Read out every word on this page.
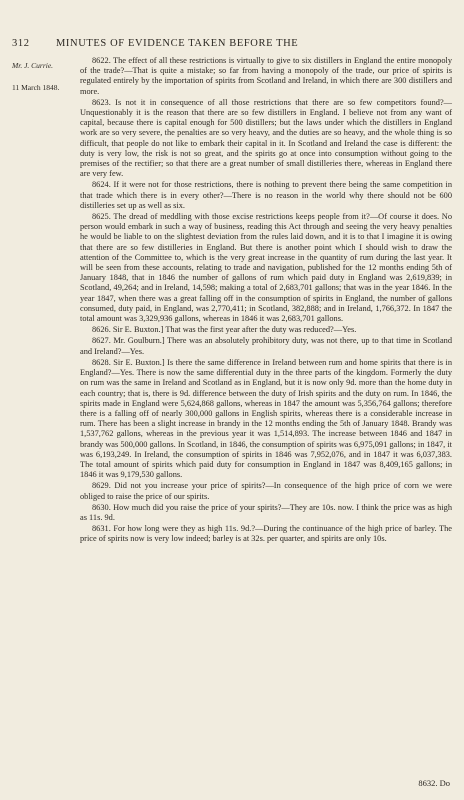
312	MINUTES OF EVIDENCE TAKEN BEFORE THE
Mr. J. Currie.
11 March 1848.

8622. The effect of all these restrictions is virtually to give to six distillers in England the entire monopoly of the trade?—That is quite a mistake; so far from having a monopoly of the trade, our price of spirits is regulated entirely by the importation of spirits from Scotland and Ireland, in which there are 300 distillers and more.

8623. Is not it in consequence of all those restrictions that there are so few competitors found?—Unquestionably it is the reason that there are so few distillers in England. I believe not from any want of capital, because there is capital enough for 500 distillers; but the laws under which the distillers in England work are so very severe, the penalties are so very heavy, and the duties are so heavy, and the whole thing is so difficult, that people do not like to embark their capital in it. In Scotland and Ireland the case is different: the duty is very low, the risk is not so great, and the spirits go at once into consumption without going to the premises of the rectifier; so that there are a great number of small distilleries there, whereas in England there are very few.

8624. If it were not for those restrictions, there is nothing to prevent there being the same competition in that trade which there is in every other?—There is no reason in the world why there should not be 600 distilleries set up as well as six.

8625. The dread of meddling with those excise restrictions keeps people from it?—Of course it does. No person would embark in such a way of business, reading this Act through and seeing the very heavy penalties he would be liable to on the slightest deviation from the rules laid down, and it is to that I imagine it is owing that there are so few distilleries in England. But there is another point which I should wish to draw the attention of the Committee to, which is the very great increase in the quantity of rum during the last year. It will be seen from these accounts, relating to trade and navigation, published for the 12 months ending 5th of January 1848, that in 1846 the number of gallons of rum which paid duty in England was 2,619,839; in Scotland, 49,264; and in Ireland, 14,598; making a total of 2,683,701 gallons; that was in the year 1846. In the year 1847, when there was a great falling off in the consumption of spirits in England, the number of gallons consumed, duty paid, in England, was 2,770,411; in Scotland, 382,888; and in Ireland, 1,766,372. In 1847 the total amount was 3,329,936 gallons, whereas in 1846 it was 2,683,701 gallons.

8626. Sir E. Buxton.] That was the first year after the duty was reduced?—Yes.

8627. Mr. Goulburn.] There was an absolutely prohibitory duty, was not there, up to that time in Scotland and Ireland?—Yes.

8628. Sir E. Buxton.] Is there the same difference in Ireland between rum and home spirits that there is in England?—Yes. There is now the same differential duty in the three parts of the kingdom. Formerly the duty on rum was the same in Ireland and Scotland as in England, but it is now only 9d. more than the home duty in each country; that is, there is 9d. difference between the duty of Irish spirits and the duty on rum. In 1846, the spirits made in England were 5,624,868 gallons, whereas in 1847 the amount was 5,356,764 gallons; therefore there is a falling off of nearly 300,000 gallons in English spirits, whereas there is a considerable increase in rum. There has been a slight increase in brandy in the 12 months ending the 5th of January 1848. Brandy was 1,537,762 gallons, whereas in the previous year it was 1,514,893. The increase between 1846 and 1847 in brandy was 500,000 gallons. In Scotland, in 1846, the consumption of spirits was 6,975,091 gallons; in 1847, it was 6,193,249. In Ireland, the consumption of spirits in 1846 was 7,952,076, and in 1847 it was 6,037,383. The total amount of spirits which paid duty for consumption in England in 1847 was 8,409,165 gallons; in 1846 it was 9,179,530 gallons.

8629. Did not you increase your price of spirits?—In consequence of the high price of corn we were obliged to raise the price of our spirits.

8630. How much did you raise the price of your spirits?—They are 10s. now. I think the price was as high as 11s. 9d.

8631. For how long were they as high 11s. 9d.?—During the continuance of the high price of barley. The price of spirits now is very low indeed; barley is at 32s. per quarter, and spirits are only 10s.

8632. Do
